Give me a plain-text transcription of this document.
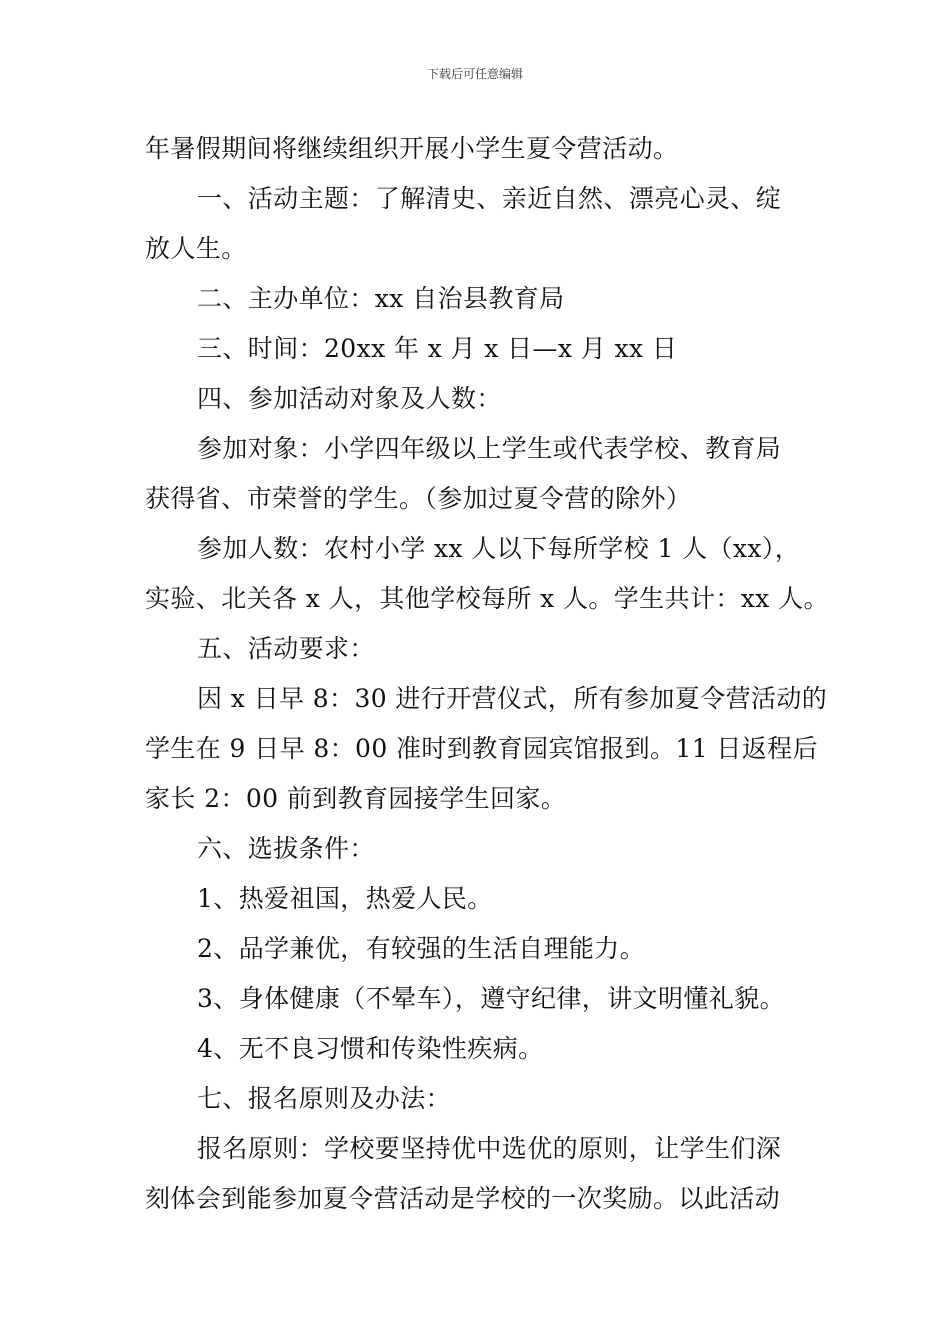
下载后可任意编辑
年暑假期间将继续组织开展小学生夏令营活动。
一、活动主题：了解清史、亲近自然、漂亮心灵、绽
放人生。
二、主办单位：xx 自治县教育局
三、时间：20xx 年 x 月 x 日—x 月 xx 日
四、参加活动对象及人数：
参加对象：小学四年级以上学生或代表学校、教育局
获得省、市荣誉的学生。（参加过夏令营的除外）
参加人数：农村小学 xx 人以下每所学校 1 人（xx），
实验、北关各 x 人，其他学校每所 x 人。学生共计：xx 人。
五、活动要求：
因 x 日早 8：30 进行开营仪式，所有参加夏令营活动的
学生在 9 日早 8：00 准时到教育园宾馆报到。11 日返程后
家长 2：00 前到教育园接学生回家。
六、选拔条件：
1、热爱祖国，热爱人民。
2、品学兼优，有较强的生活自理能力。
3、身体健康（不晕车），遵守纪律，讲文明懂礼貌。
4、无不良习惯和传染性疾病。
七、报名原则及办法：
报名原则：学校要坚持优中选优的原则，让学生们深
刻体会到能参加夏令营活动是学校的一次奖励。以此活动
